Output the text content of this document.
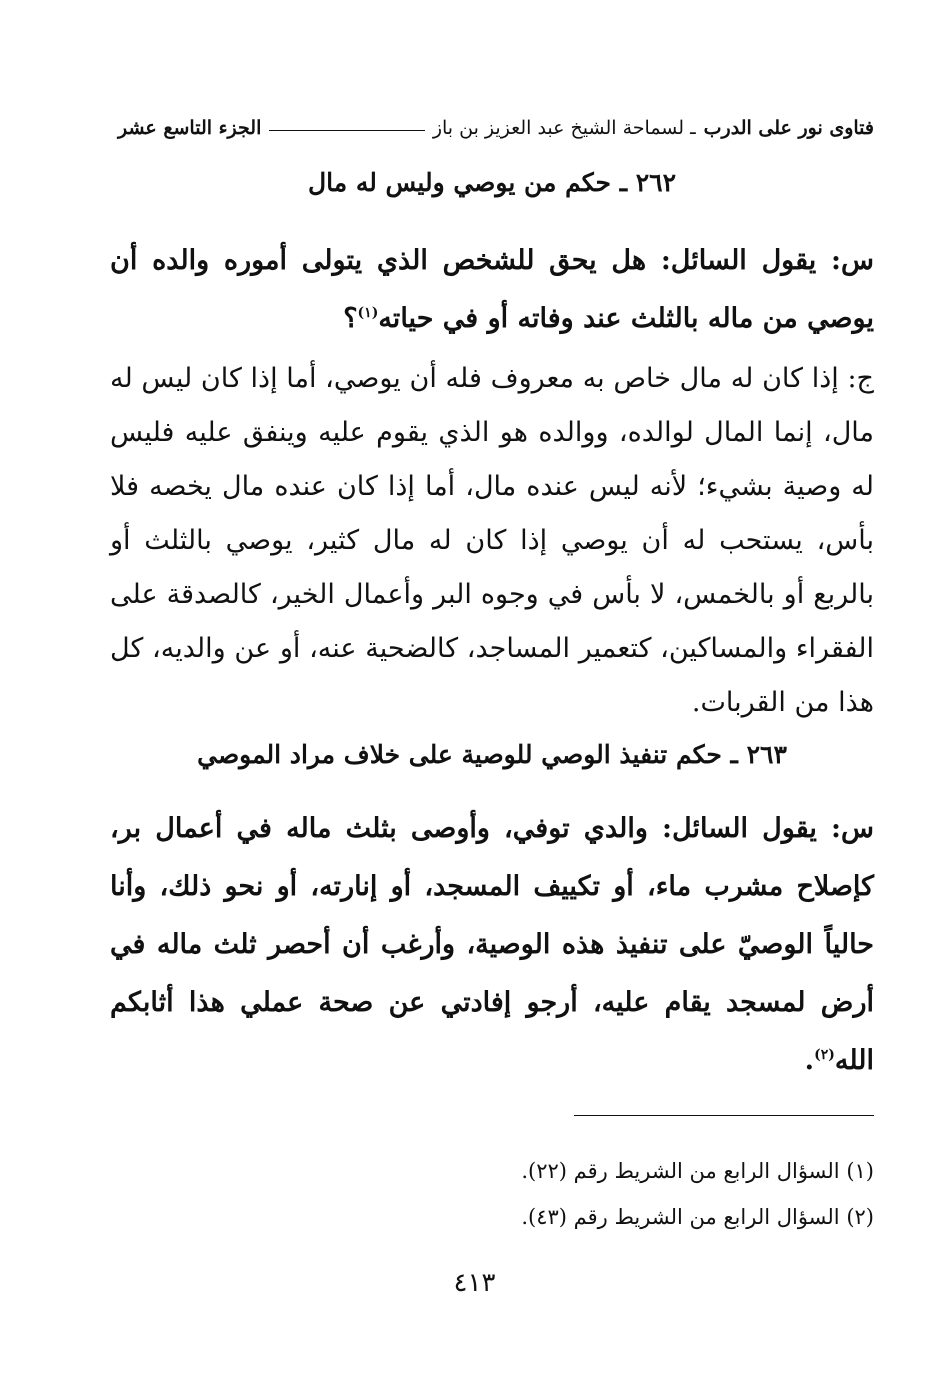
فتاوى نور على الدرب
ـ لسماحة الشيخ عبد العزيز بن باز
الجزء التاسع عشر
٢٦٢ ـ حكم من يوصي وليس له مال
س: يقول السائل: هل يحق للشخص الذي يتولى أموره والده أن يوصي من ماله بالثلث عند وفاته أو في حياته$^{(١)}$؟
ج: إذا كان له مال خاص به معروف فله أن يوصي، أما إذا كان ليس له مال، إنما المال لوالده، ووالده هو الذي يقوم عليه وينفق عليه فليس له وصية بشيء؛ لأنه ليس عنده مال، أما إذا كان عنده مال يخصه فلا بأس، يستحب له أن يوصي إذا كان له مال كثير، يوصي بالثلث أو بالربع أو بالخمس، لا بأس في وجوه البر وأعمال الخير، كالصدقة على الفقراء والمساكين، كتعمير المساجد، كالضحية عنه، أو عن والديه، كل هذا من القربات.
٢٦٣ ـ حكم تنفيذ الوصي للوصية على خلاف مراد الموصي
س: يقول السائل: والدي توفي، وأوصى بثلث ماله في أعمال بر، كإصلاح مشرب ماء، أو تكييف المسجد، أو إنارته، أو نحو ذلك، وأنا حالياً الوصيّ على تنفيذ هذه الوصية، وأرغب أن أحصر ثلث ماله في أرض لمسجد يقام عليه، أرجو إفادتي عن صحة عملي هذا أثابكم الله$^{(٢)}$.
(١) السؤال الرابع من الشريط رقم (٢٢).
(٢) السؤال الرابع من الشريط رقم (٤٣).
٤١٣
